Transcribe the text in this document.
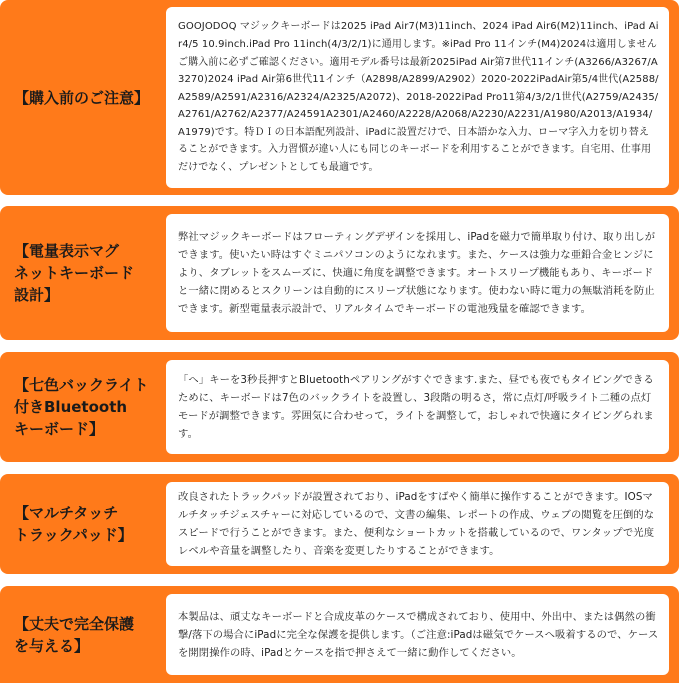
【購入前のご注意】
GOOJODOQ マジックキーボードは2025 iPad Air7(M3)11inch、2024 iPad Air6(M2)11inch、iPad Air4/5 10.9inch.iPad Pro 11inch(4/3/2/1)に通用します。※iPad Pro 11インチ(M4)2024は適用しませんご購入前に必ずご確認ください。適用モデル番号は最新2025iPad Air第7世代11インチ(A3266/A3267/A3270)2024 iPad Air第6世代11インチ（A2898/A2899/A2902）2020-2022iPadAir第5/4世代(A2588/A2589/A2591/A2316/A2324/A2325/A2072)、2018-2022iPad Pro11第4/3/2/1世代(A2759/A2435/A2761/A2762/A2377/A24591A2301/A2460/A2228/A2068/A2230/A2231/A1980/A2013/A1934/A1979)です。特ＤＩの日本語配列設計、iPadに設置だけで、日本語かな入力、ローマ字入力を切り替えることができます。入力習慣が違い人にも同じのキーボードを利用することができます。自宅用、仕事用だけでなく、プレゼントとしても最適です。
【電量表示マグ
ネットキーボード
設計】
弊社マジックキーボードはフローティングデザインを採用し、iPadを磁力で簡単取り付け、取り出しができます。使いたい時はすぐミニパソコンのようになれます。また、ケースは強力な亜鉛合金ヒンジにより、タブレットをスムーズに、快適に角度を調整できます。オートスリープ機能もあり、キーボードと一緒に閉めるとスクリーンは自動的にスリープ状態になります。使わない時に電力の無駄消耗を防止できます。新型電量表示設計で、リアルタイムでキーボードの電池残量を確認できます。
【七色バックライト
付きBluetooth
キーボード】
「へ」キーを3秒長押すとBluetoothペアリングがすぐできます.また、昼でも夜でもタイピングできるために、キーボードは7色のバックライトを設置し、3段階の明るさ，常に点灯/呼吸ライト二種の点灯モードが調整できます。雰囲気に合わせって，ライトを調整して，おしゃれで快適にタイピングられます。
【マルチタッチ
トラックパッド】
改良されたトラックパッドが設置されており、iPadをすばやく簡単に操作することができます。IOSマルチタッチジェスチャーに対応しているので、文書の編集、レポートの作成、ウェブの閲覧を圧倒的なスピードで行うことができます。また、便利なショートカットを搭載しているので、ワンタップで光度レベルや音量を調整したり、音楽を変更したりすることができます。
【丈夫で完全保護
を与える】
本製品は、頑丈なキーボードと合成皮革のケースで構成されており、使用中、外出中、または偶然の衝撃/落下の場合にiPadに完全な保護を提供します。（ご注意:iPadは磁気でケースへ吸着するので、ケースを開閉操作の時、iPadとケースを指で押さえて一緒に動作してください。
